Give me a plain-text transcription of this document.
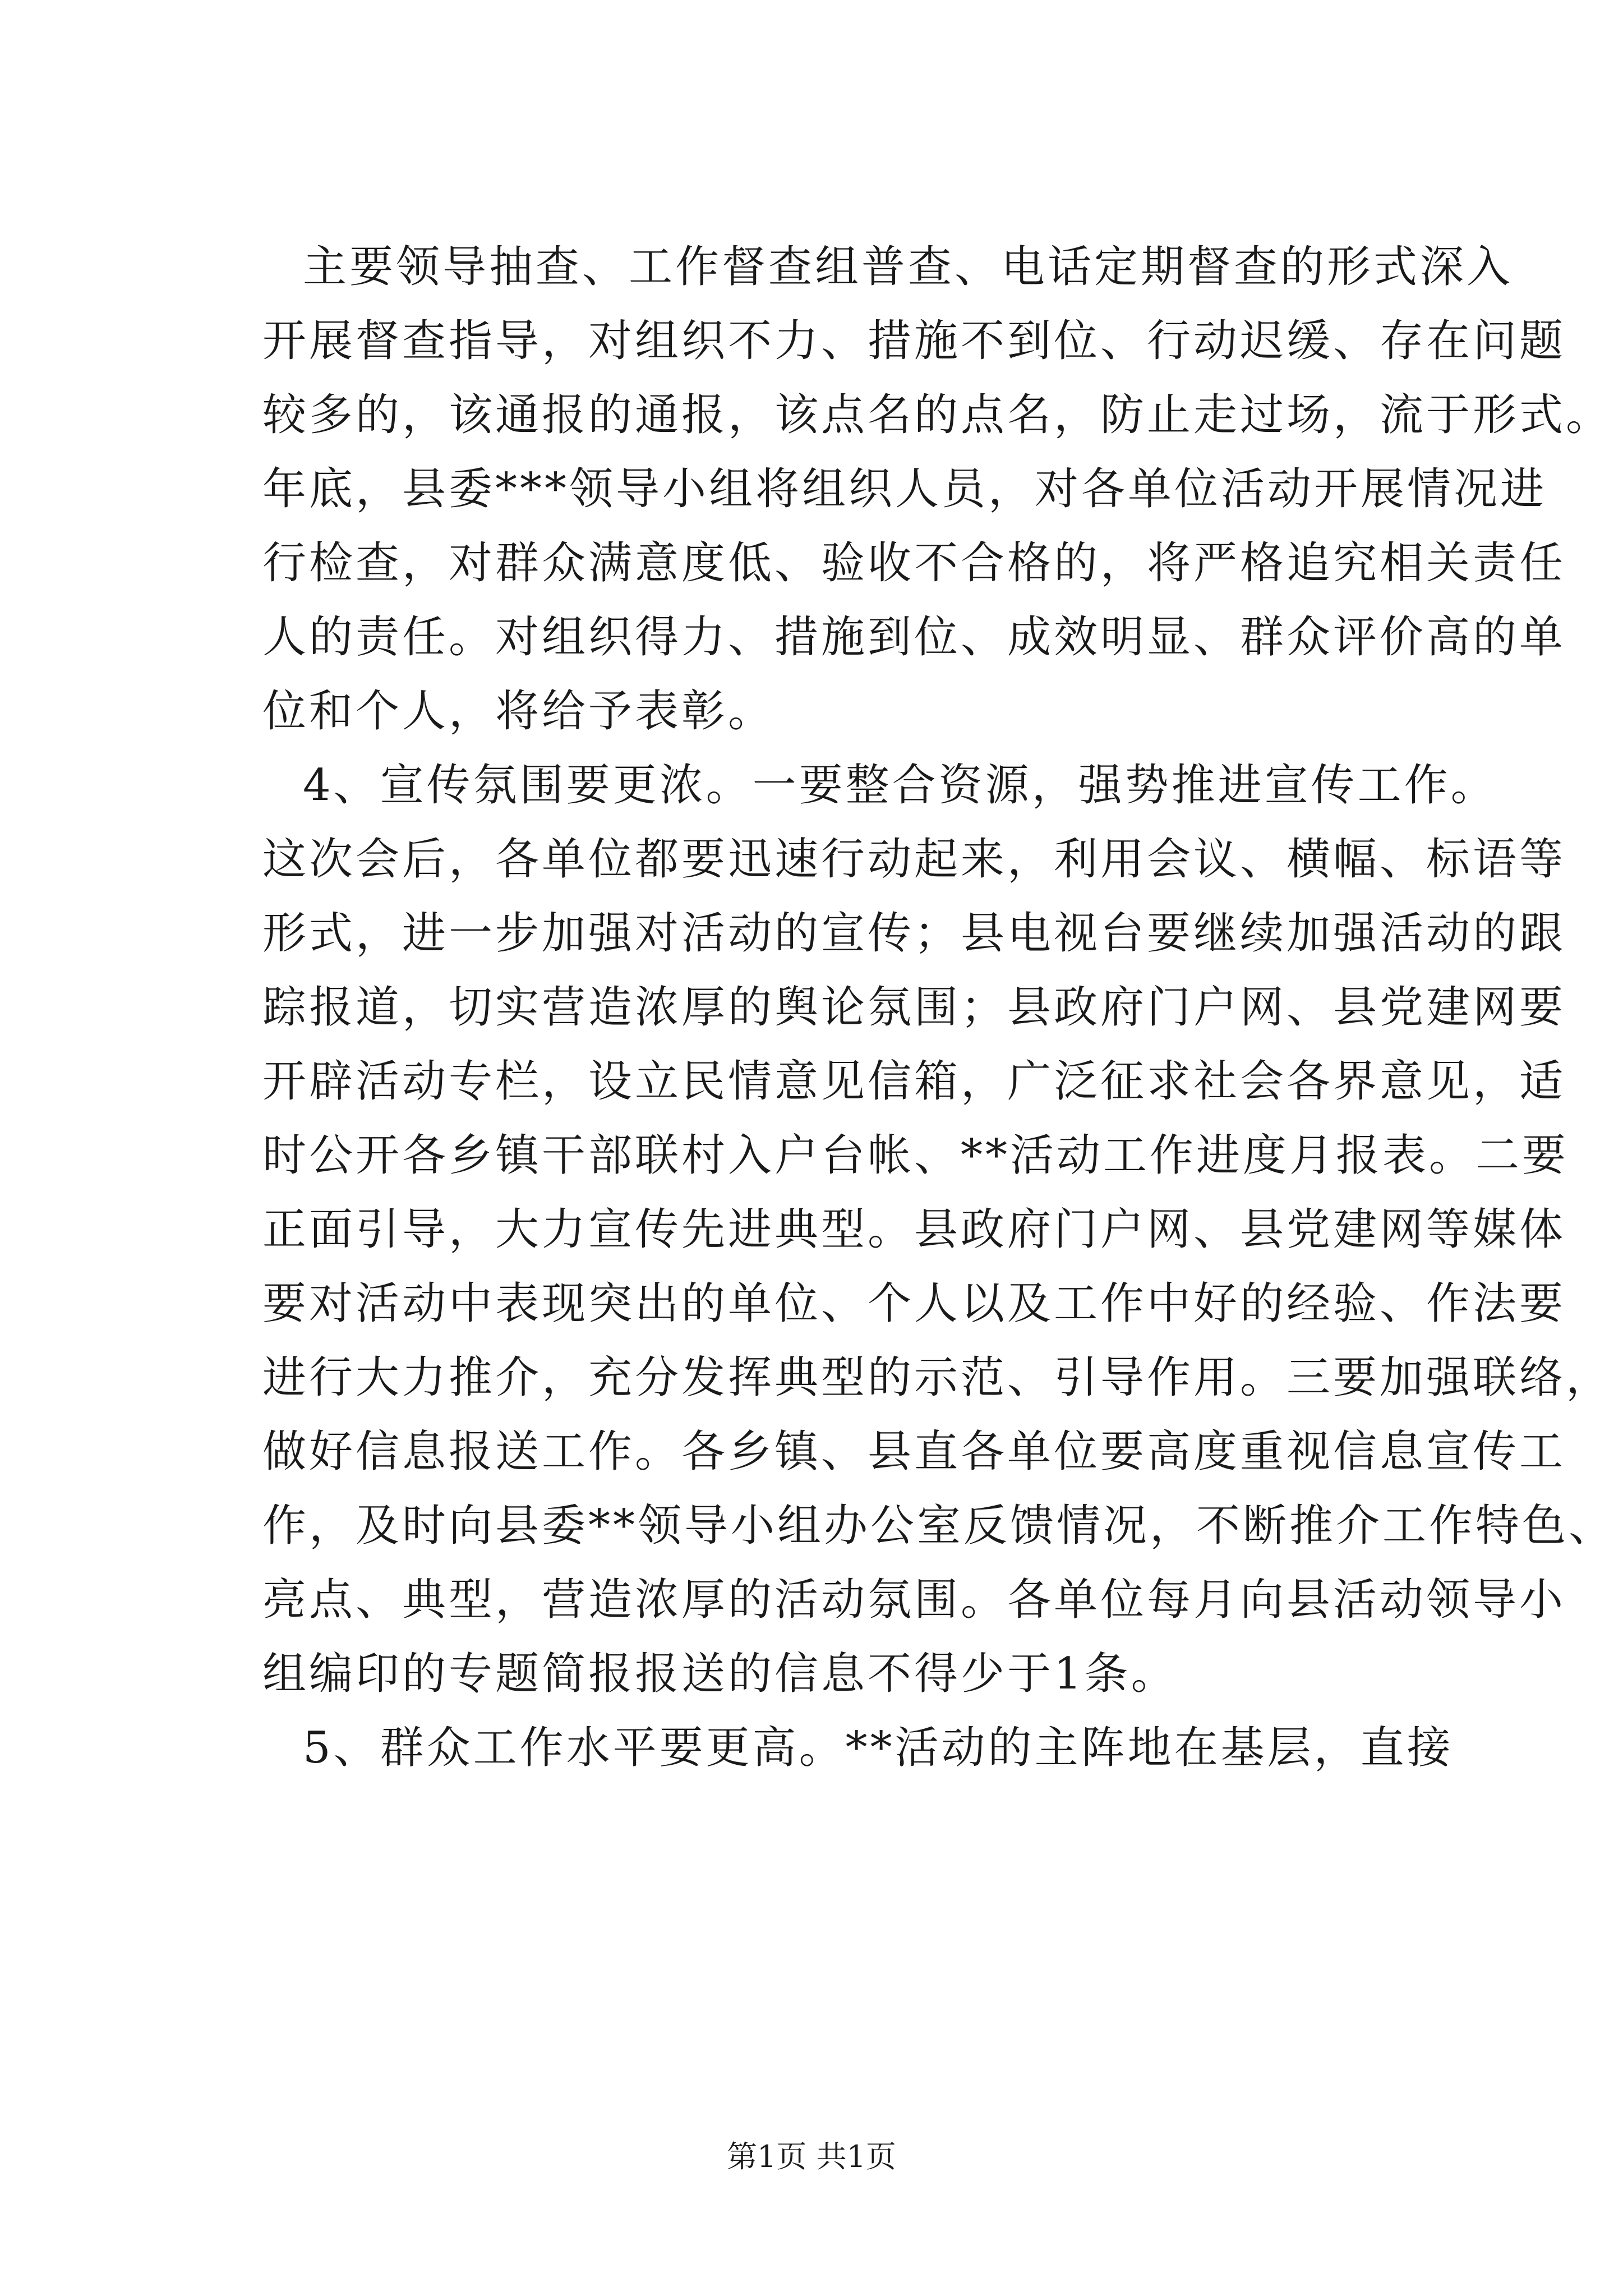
主要领导抽查、工作督查组普查、电话定期督查的形式深入
开展督查指导，对组织不力、措施不到位、行动迟缓、存在问题
较多的，该通报的通报，该点名的点名，防止走过场，流于形式。
年底，县委***领导小组将组织人员，对各单位活动开展情况进
行检查，对群众满意度低、验收不合格的，将严格追究相关责任
人的责任。对组织得力、措施到位、成效明显、群众评价高的单
位和个人，将给予表彰。
4、宣传氛围要更浓。一要整合资源，强势推进宣传工作。
这次会后，各单位都要迅速行动起来，利用会议、横幅、标语等
形式，进一步加强对活动的宣传；县电视台要继续加强活动的跟
踪报道，切实营造浓厚的舆论氛围；县政府门户网、县党建网要
开辟活动专栏，设立民情意见信箱，广泛征求社会各界意见，适
时公开各乡镇干部联村入户台帐、**活动工作进度月报表。二要
正面引导，大力宣传先进典型。县政府门户网、县党建网等媒体
要对活动中表现突出的单位、个人以及工作中好的经验、作法要
进行大力推介，充分发挥典型的示范、引导作用。三要加强联络，
做好信息报送工作。各乡镇、县直各单位要高度重视信息宣传工
作，及时向县委**领导小组办公室反馈情况，不断推介工作特色、
亮点、典型，营造浓厚的活动氛围。各单位每月向县活动领导小
组编印的专题简报报送的信息不得少于1条。
5、群众工作水平要更高。**活动的主阵地在基层，直接
第1页 共1页
